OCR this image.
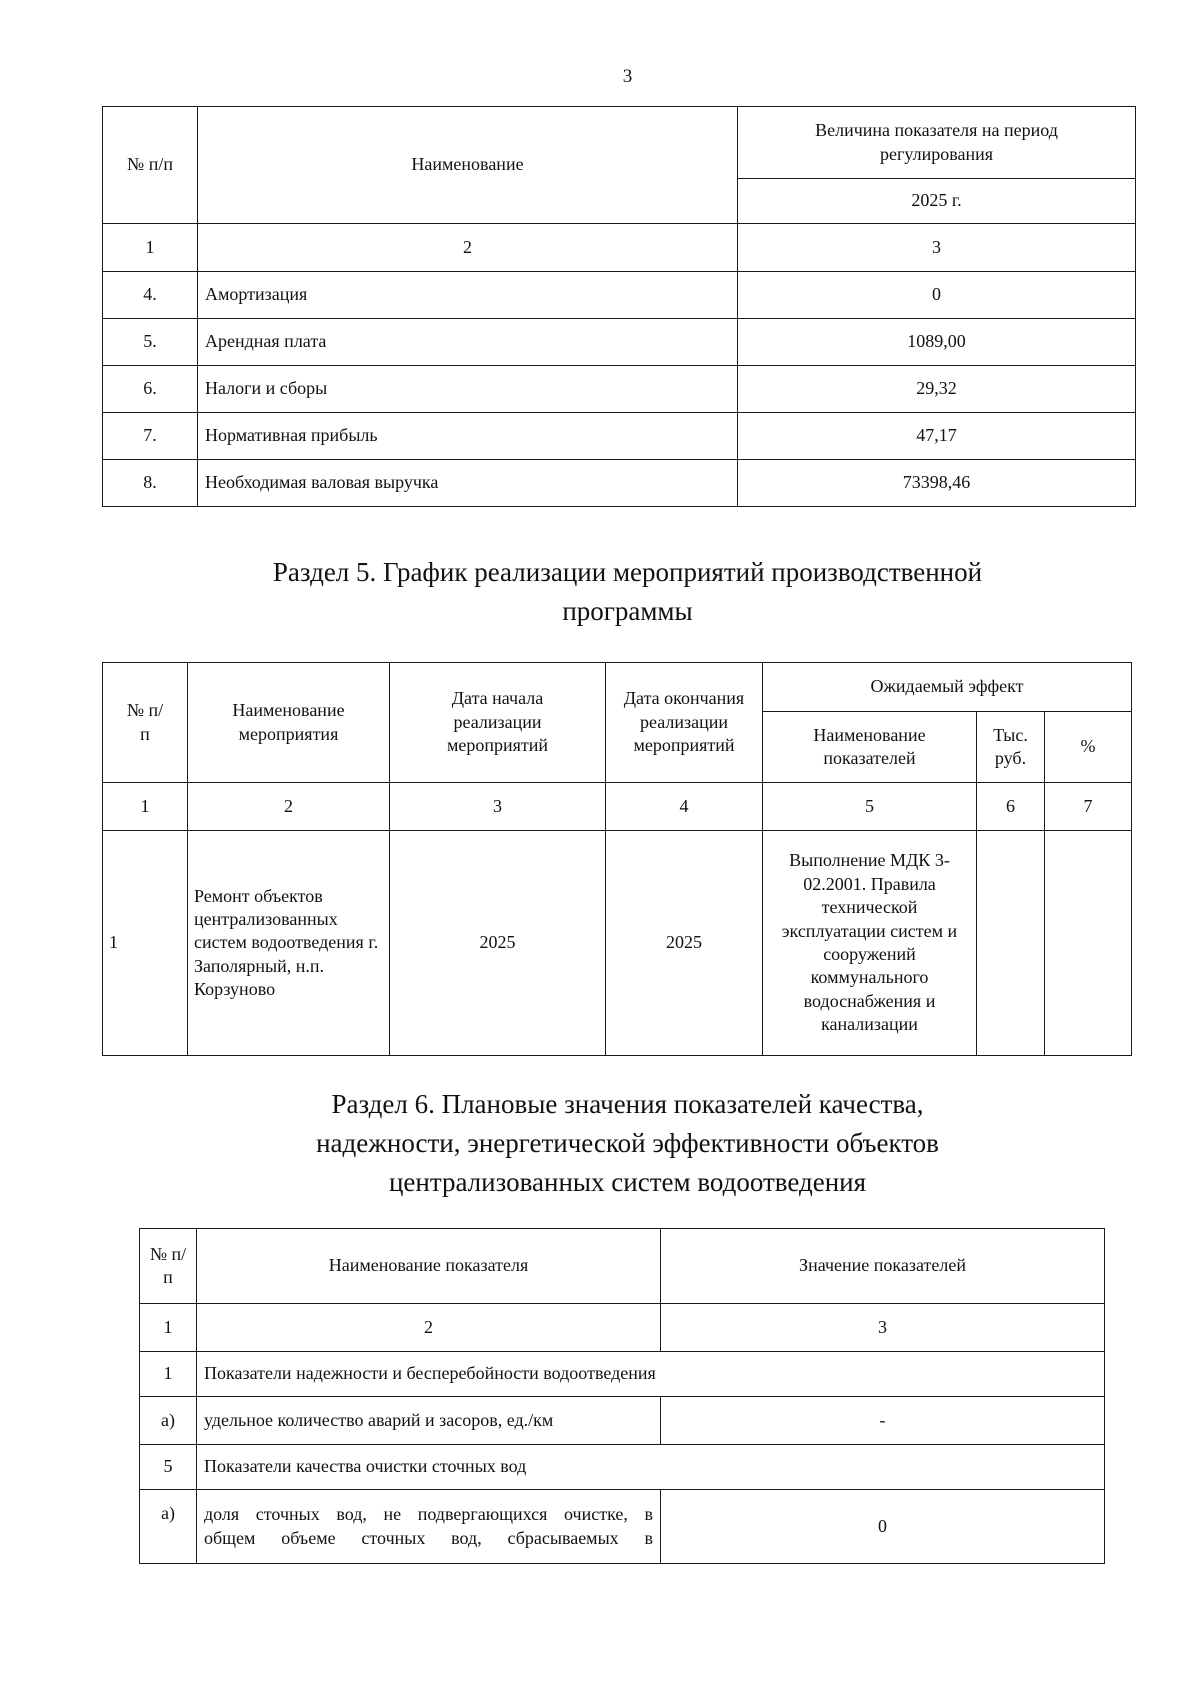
3
№ п/п	Наименование	Величина показателя на период регулирования
		2025 г.
1	2	3
4.	Амортизация	0
5.	Арендная плата	1089,00
6.	Налоги и сборы	29,32
7.	Нормативная прибыль	47,17
8.	Необходимая валовая выручка	73398,46
Раздел 5. График реализации мероприятий производственной
программы
№ п/п	Наименование мероприятия	Дата начала реализации мероприятий	Дата окончания реализации мероприятий	Ожидаемый эффект		
				Наименование показателей	Тыс. руб.	%
1	2	3	4	5	6	7
1	Ремонт объектов централизованных систем водоотведения г. Заполярный, н.п. Корзуново	2025	2025	Выполнение МДК 3-02.2001. Правила технической эксплуатации систем и сооружений коммунального водоснабжения и канализации		
Раздел 6. Плановые значения показателей качества,
надежности, энергетической эффективности объектов
централизованных систем водоотведения
№ п/п	Наименование показателя	Значение показателей
1	2	3
1	Показатели надежности и бесперебойности водоотведения	
а)	удельное количество аварий и засоров, ед./км	-
5	Показатели качества очистки сточных вод	
а)	доля сточных вод, не подвергающихся очистке, в
общем объеме сточных вод, сбрасываемых в	0
